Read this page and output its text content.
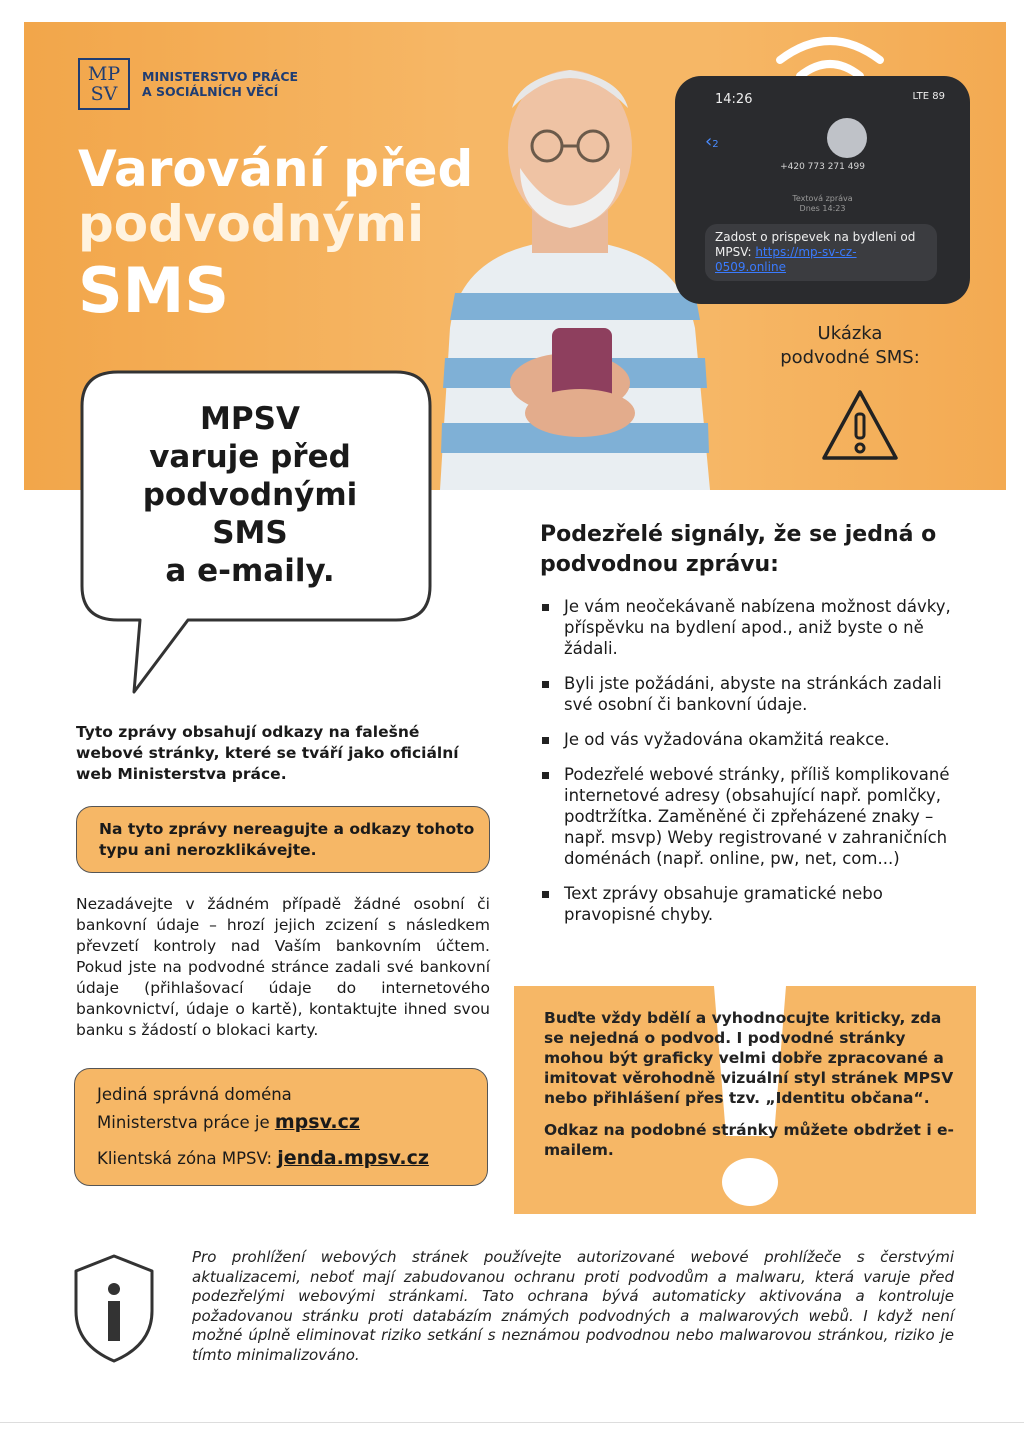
MP
SV
MINISTERSTVO PRÁCE
A SOCIÁLNÍCH VĚCÍ
Varování před
podvodnými
SMS
14:26	LTE 89
‹2
+420 773 271 499
Textová zpráva
Dnes 14:23
Zadost o prispevek na bydleni od MPSV: https://mp-sv-cz-0509.online
Ukázka podvodné SMS:
MPSV
varuje před
podvodnými
SMS
a e-maily.
Tyto zprávy obsahují odkazy na falešné webové stránky, které se tváří jako oficiální web Ministerstva práce.
Na tyto zprávy nereagujte a odkazy tohoto typu ani nerozklikávejte.
Nezadávejte v žádném případě žádné osobní či bankovní údaje – hrozí jejich zcizení s následkem převzetí kontroly nad Vaším bankovním účtem. Pokud jste na podvodné stránce zadali své bankovní údaje (přihlašovací údaje do internetového bankovnictví, údaje o kartě), kontaktujte ihned svou banku s žádostí o blokaci karty.
Jediná správná doména
Ministerstva práce je mpsv.cz
Klientská zóna MPSV: jenda.mpsv.cz
Podezřelé signály, že se jedná o podvodnou zprávu:
Je vám neočekávaně nabízena možnost dávky, příspěvku na bydlení apod., aniž byste o ně žádali.
Byli jste požádáni, abyste na stránkách zadali své osobní či bankovní údaje.
Je od vás vyžadována okamžitá reakce.
Podezřelé webové stránky, příliš komplikované internetové adresy (obsahující např. pomlčky, podtržítka. Zaměněné či zpřeházené znaky – např. msvp) Weby registrované v zahraničních doménách (např. online, pw, net, com...)
Text zprávy obsahuje gramatické nebo pravopisné chyby.

Buďte vždy bdělí a vyhodnocujte kriticky, zda se nejedná o podvod. I podvodné stránky mohou být graficky velmi dobře zpracované a imitovat věrohodně vizuální styl stránek MPSV nebo přihlášení přes tzv. „Identitu občana“.

Odkaz na podobné stránky můžete obdržet i e-mailem.

Pro prohlížení webových stránek používejte autorizované webové prohlížeče s čerstvými aktualizacemi, neboť mají zabudovanou ochranu proti podvodům a malwaru, která varuje před podezřelými webovými stránkami. Tato ochrana bývá automaticky aktivována a kontroluje požadovanou stránku proti databázím známých podvodných a malwarových webů. I když není možné úplně eliminovat riziko setkání s neznámou podvodnou nebo malwarovou stránkou, riziko je tímto minimalizováno.
